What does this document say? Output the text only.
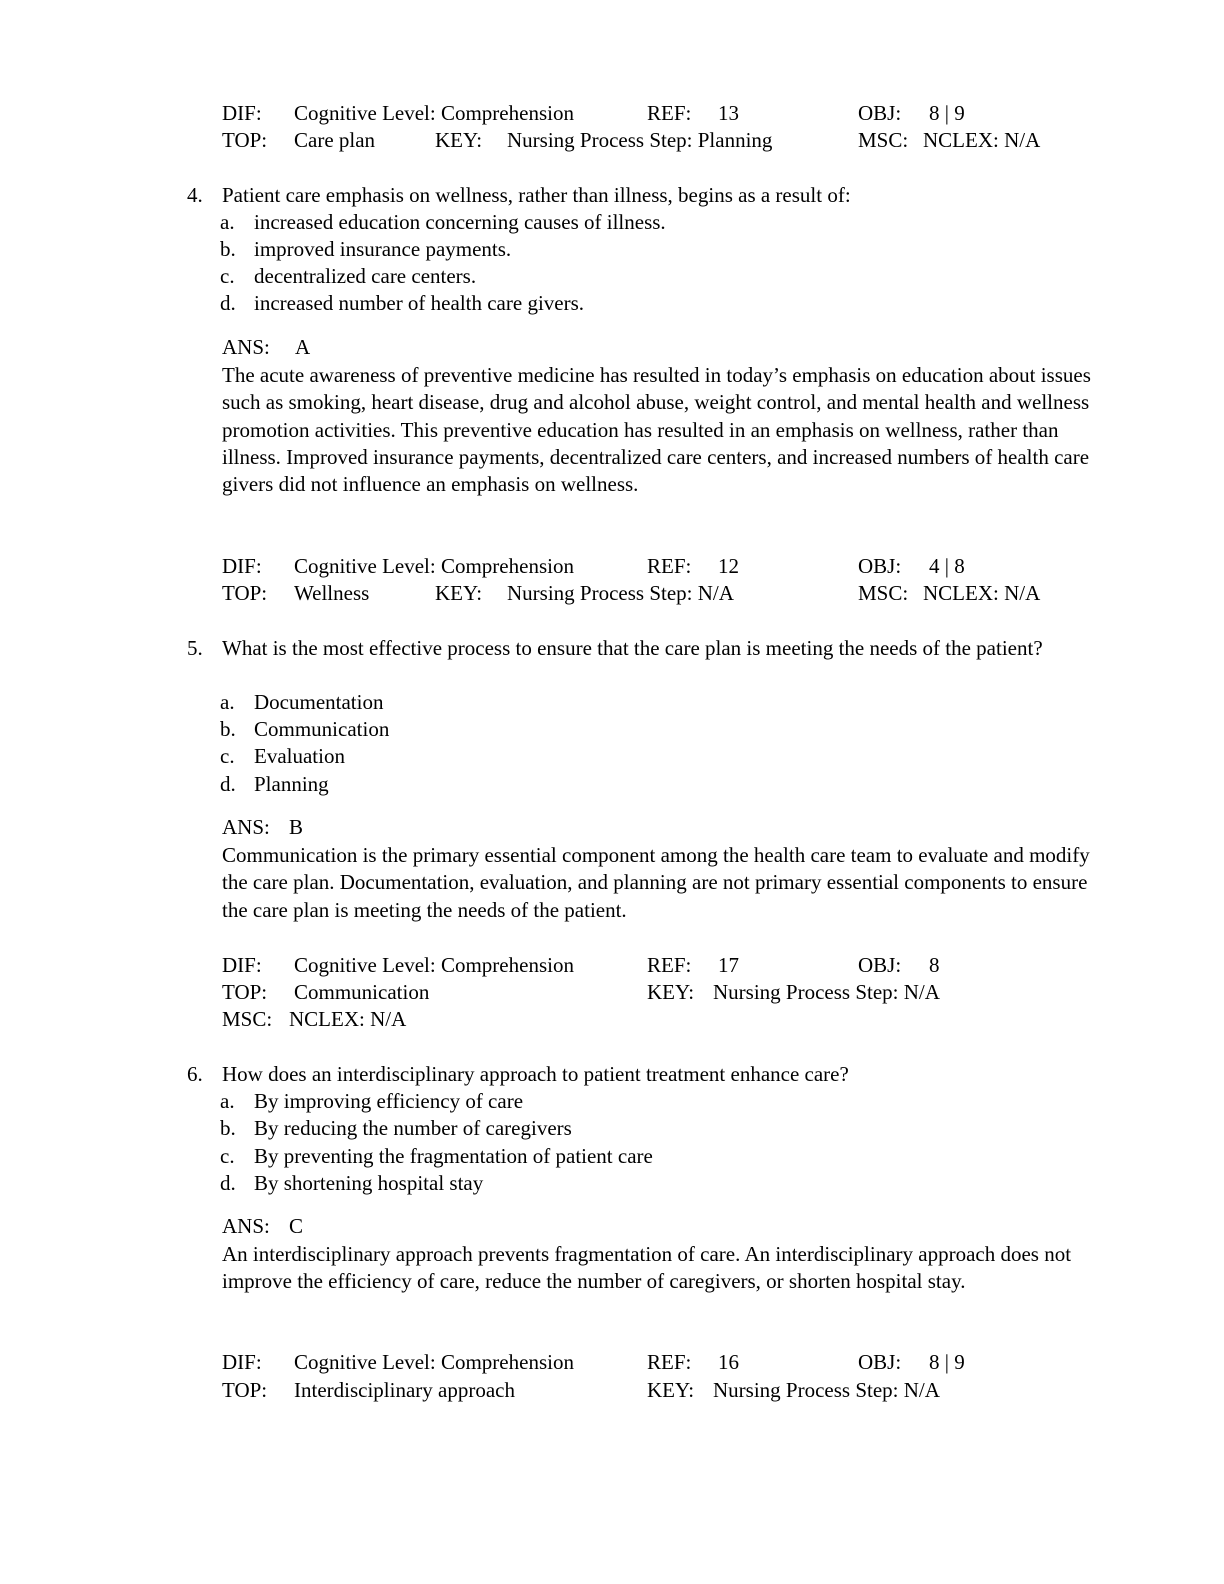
DIF: Cognitive Level: Comprehension	REF: 13	OBJ: 8 | 9
TOP: Care plan	KEY: Nursing Process Step: Planning	MSC: NCLEX: N/A
4. Patient care emphasis on wellness, rather than illness, begins as a result of:
a. increased education concerning causes of illness.
b. improved insurance payments.
c. decentralized care centers.
d. increased number of health care givers.
ANS: A
The acute awareness of preventive medicine has resulted in today’s emphasis on education about issues such as smoking, heart disease, drug and alcohol abuse, weight control, and mental health and wellness promotion activities. This preventive education has resulted in an emphasis on wellness, rather than illness. Improved insurance payments, decentralized care centers, and increased numbers of health care givers did not influence an emphasis on wellness.
DIF: Cognitive Level: Comprehension	REF: 12	OBJ: 4 | 8
TOP: Wellness	KEY: Nursing Process Step: N/A	MSC: NCLEX: N/A
5. What is the most effective process to ensure that the care plan is meeting the needs of the patient?
a. Documentation
b. Communication
c. Evaluation
d. Planning
ANS: B
Communication is the primary essential component among the health care team to evaluate and modify the care plan. Documentation, evaluation, and planning are not primary essential components to ensure the care plan is meeting the needs of the patient.
DIF: Cognitive Level: Comprehension	REF: 17	OBJ: 8
TOP: Communication	KEY: Nursing Process Step: N/A
MSC: NCLEX: N/A
6. How does an interdisciplinary approach to patient treatment enhance care?
a. By improving efficiency of care
b. By reducing the number of caregivers
c. By preventing the fragmentation of patient care
d. By shortening hospital stay
ANS: C
An interdisciplinary approach prevents fragmentation of care. An interdisciplinary approach does not improve the efficiency of care, reduce the number of caregivers, or shorten hospital stay.
DIF: Cognitive Level: Comprehension	REF: 16	OBJ: 8 | 9
TOP: Interdisciplinary approach	KEY: Nursing Process Step: N/A
